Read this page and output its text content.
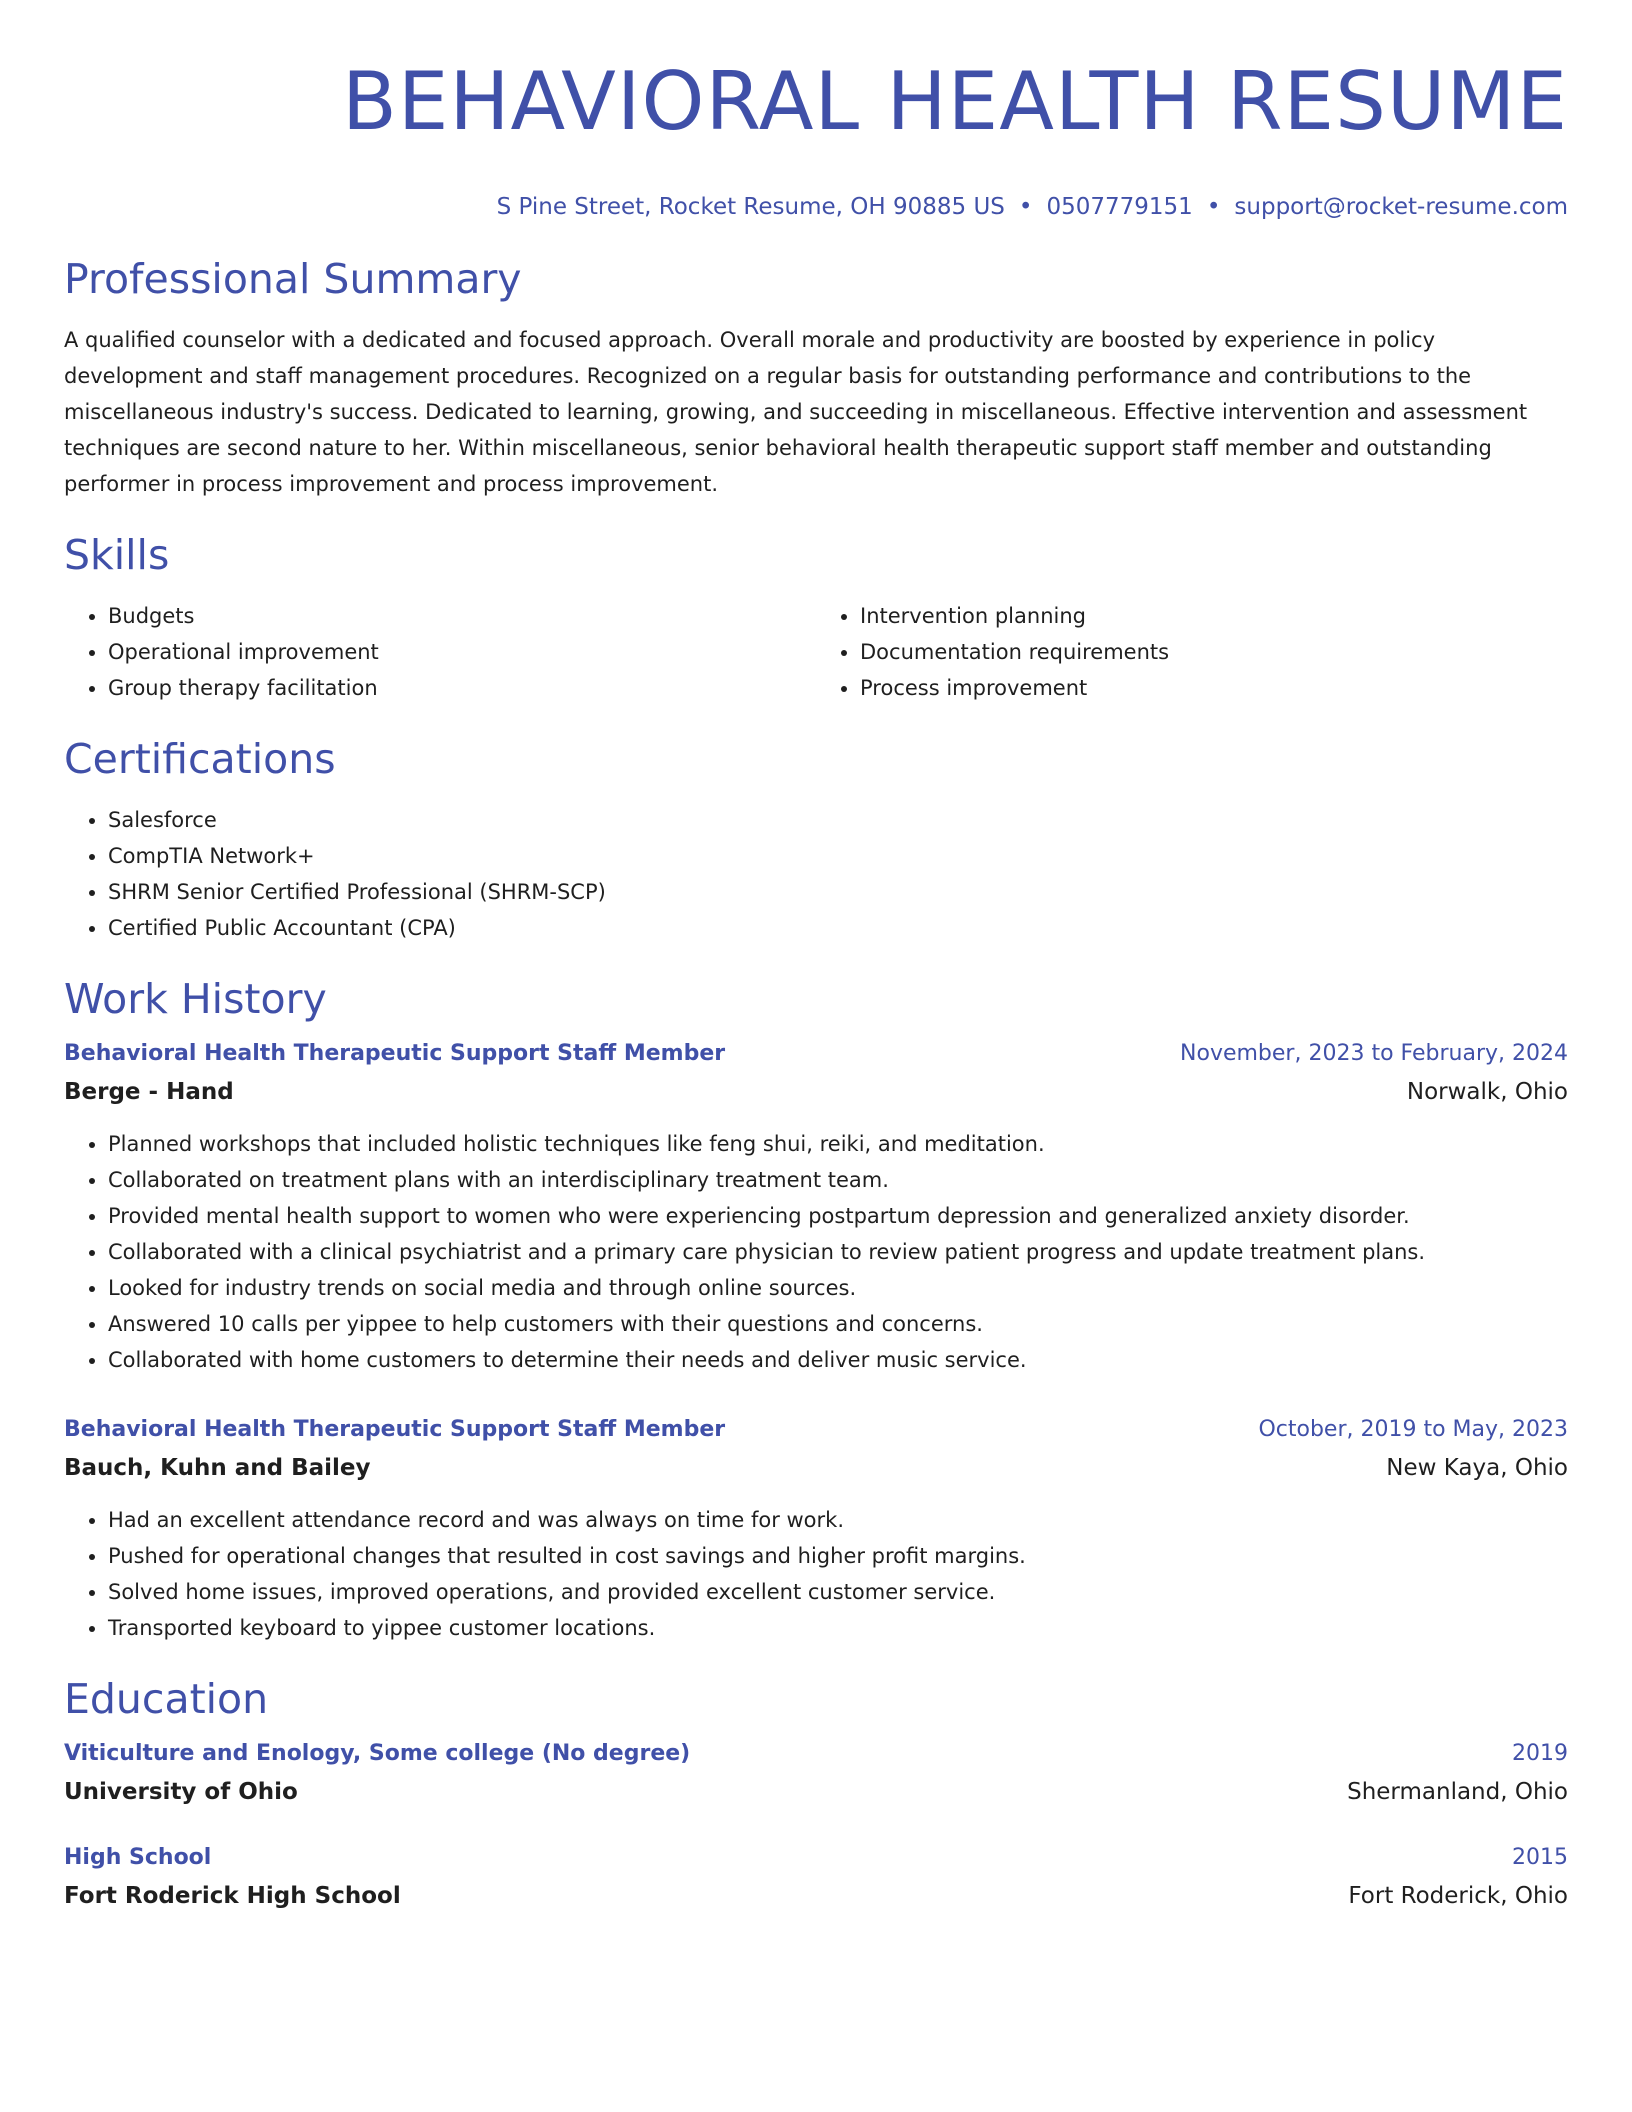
BEHAVIORAL HEALTH RESUME
S Pine Street, Rocket Resume, OH 90885 US • 0507779151 • support@rocket-resume.com
Professional Summary

A qualified counselor with a dedicated and focused approach. Overall morale and productivity are boosted by experience in policy development and staff management procedures. Recognized on a regular basis for outstanding performance and contributions to the miscellaneous industry's success. Dedicated to learning, growing, and succeeding in miscellaneous. Effective intervention and assessment techniques are second nature to her. Within miscellaneous, senior behavioral health therapeutic support staff member and outstanding performer in process improvement and process improvement.

Skills
• Budgets
• Operational improvement
• Group therapy facilitation
• Intervention planning
• Documentation requirements
• Process improvement
Certifications
• Salesforce
• CompTIA Network+
• SHRM Senior Certified Professional (SHRM-SCP)
• Certified Public Accountant (CPA)
Work History
Behavioral Health Therapeutic Support Staff Member	November, 2023 to February, 2024
Berge - Hand	Norwalk, Ohio
• Planned workshops that included holistic techniques like feng shui, reiki, and meditation.
• Collaborated on treatment plans with an interdisciplinary treatment team.
• Provided mental health support to women who were experiencing postpartum depression and generalized anxiety disorder.
• Collaborated with a clinical psychiatrist and a primary care physician to review patient progress and update treatment plans.
• Looked for industry trends on social media and through online sources.
• Answered 10 calls per yippee to help customers with their questions and concerns.
• Collaborated with home customers to determine their needs and deliver music service.
Behavioral Health Therapeutic Support Staff Member	October, 2019 to May, 2023
Bauch, Kuhn and Bailey	New Kaya, Ohio
• Had an excellent attendance record and was always on time for work.
• Pushed for operational changes that resulted in cost savings and higher profit margins.
• Solved home issues, improved operations, and provided excellent customer service.
• Transported keyboard to yippee customer locations.
Education
Viticulture and Enology, Some college (No degree)	2019
University of Ohio	Shermanland, Ohio
High School	2015
Fort Roderick High School	Fort Roderick, Ohio
